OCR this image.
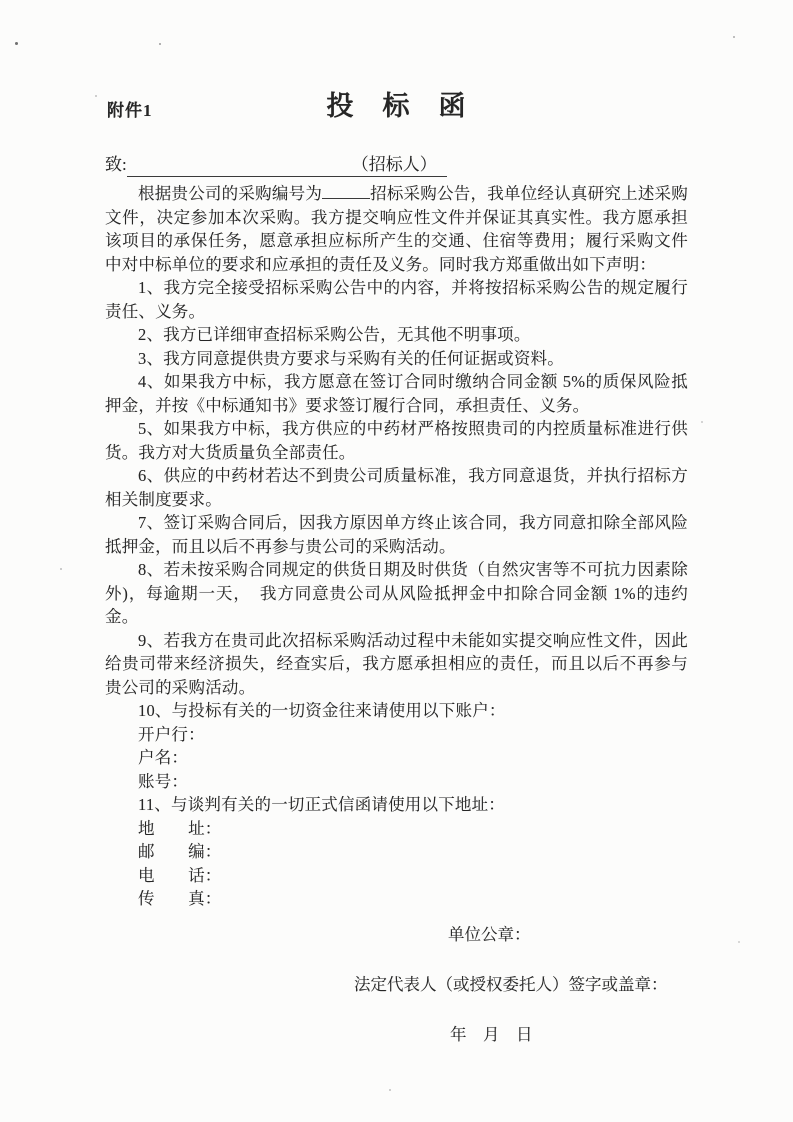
附件1	投　标　函

致:	（招标人）

根据贵公司的采购编号为	招标采购公告，我单位经认真研究上述采购文件，决定参加本次采购。我方提交响应性文件并保证其真实性。我方愿承担该项目的承保任务，愿意承担应标所产生的交通、住宿等费用；履行采购文件中对中标单位的要求和应承担的责任及义务。同时我方郑重做出如下声明：

1、我方完全接受招标采购公告中的内容，并将按招标采购公告的规定履行责任、义务。

2、我方已详细审查招标采购公告，无其他不明事项。

3、我方同意提供贵方要求与采购有关的任何证据或资料。

4、如果我方中标，我方愿意在签订合同时缴纳合同金额 5%的质保风险抵押金，并按《中标通知书》要求签订履行合同，承担责任、义务。

5、如果我方中标，我方供应的中药材严格按照贵司的内控质量标准进行供货。我方对大货质量负全部责任。

6、供应的中药材若达不到贵公司质量标准，我方同意退货，并执行招标方相关制度要求。

7、签订采购合同后，因我方原因单方终止该合同，我方同意扣除全部风险抵押金，而且以后不再参与贵公司的采购活动。

8、若未按采购合同规定的供货日期及时供货（自然灾害等不可抗力因素除外)，每逾期一天，　我方同意贵公司从风险抵押金中扣除合同金额 1%的违约金。

9、若我方在贵司此次招标采购活动过程中未能如实提交响应性文件，因此给贵司带来经济损失，经查实后，我方愿承担相应的责任，而且以后不再参与贵公司的采购活动。

10、与投标有关的一切资金往来请使用以下账户：

开户行：

户名：

账号：

11、与谈判有关的一切正式信函请使用以下地址：

地　　址：

邮　　编：

电　　话：

传　　真：

单位公章：

法定代表人（或授权委托人）签字或盖章：

年　月　日
